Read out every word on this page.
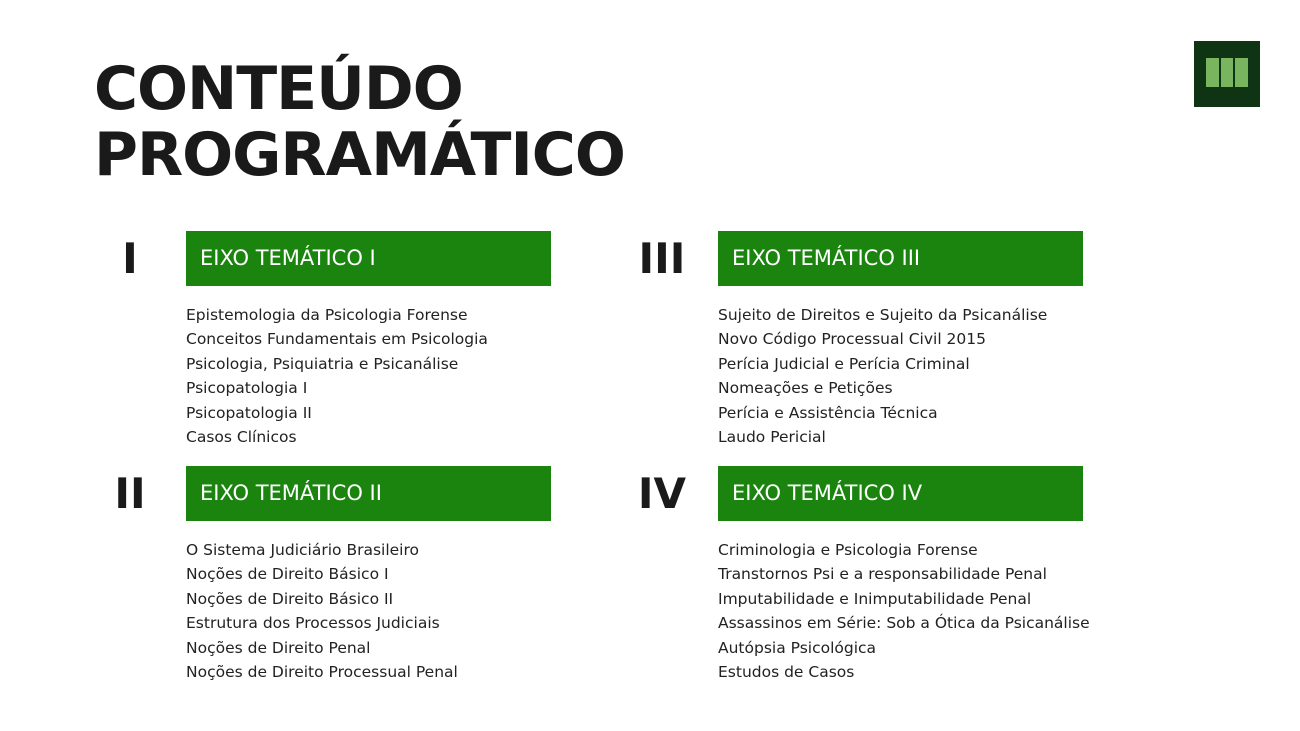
CONTEÚDO
PROGRAMÁTICO
I	EIXO TEMÁTICO I
Epistemologia da Psicologia Forense
Conceitos Fundamentais em Psicologia
Psicologia, Psiquiatria e Psicanálise
Psicopatologia I
Psicopatologia II
Casos Clínicos
II	EIXO TEMÁTICO II
O Sistema Judiciário Brasileiro
Noções de Direito Básico I
Noções de Direito Básico II
Estrutura dos Processos Judiciais
Noções de Direito Penal
Noções de Direito Processual Penal
III	EIXO TEMÁTICO III
Sujeito de Direitos e Sujeito da Psicanálise
Novo Código Processual Civil 2015
Perícia Judicial e Perícia Criminal
Nomeações e Petições
Perícia e Assistência Técnica
Laudo Pericial
IV	EIXO TEMÁTICO IV
Criminologia e Psicologia Forense
Transtornos Psi e a responsabilidade Penal
Imputabilidade e Inimputabilidade Penal
Assassinos em Série: Sob a Ótica da Psicanálise
Autópsia Psicológica
Estudos de Casos
